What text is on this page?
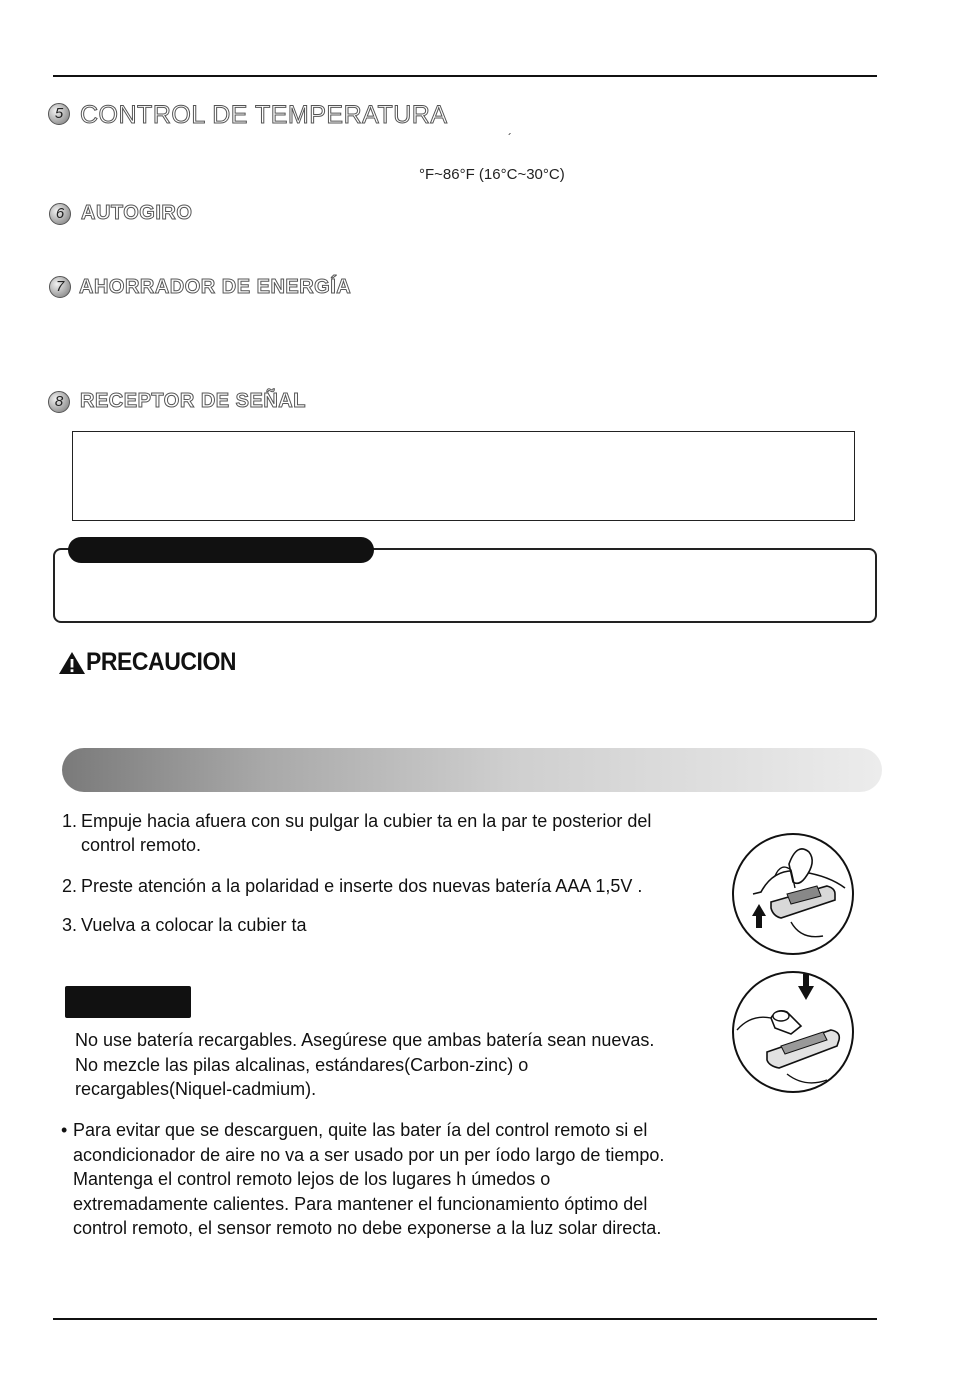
5 CONTROL DE TEMPERATURA
´
°F~86°F (16°C~30°C)
6 AUTOGIRO
7 AHORRADOR DE ENERGÍA
8 RECEPTOR DE SEÑAL
PRECAUCION
1. Empuje hacia afuera con su pulgar la cubier ta en la par te posterior del
control remoto.
2. Preste atención a la polaridad e inserte dos nuevas batería AAA 1,5V .
3. Vuelva a colocar la cubier ta
No use batería recargables. Asegúrese que ambas batería sean nuevas.
No mezcle las pilas alcalinas, estándares(Carbon-zinc) o
recargables(Niquel-cadmium).
• Para evitar que se descarguen, quite las bater ía del control remoto si el
acondicionador de aire no va a ser usado por un per íodo largo de tiempo.
Mantenga el control remoto lejos de los lugares h úmedos o
extremadamente calientes. Para mantener el funcionamiento óptimo del
control remoto, el sensor remoto no debe exponerse a la luz solar directa.
